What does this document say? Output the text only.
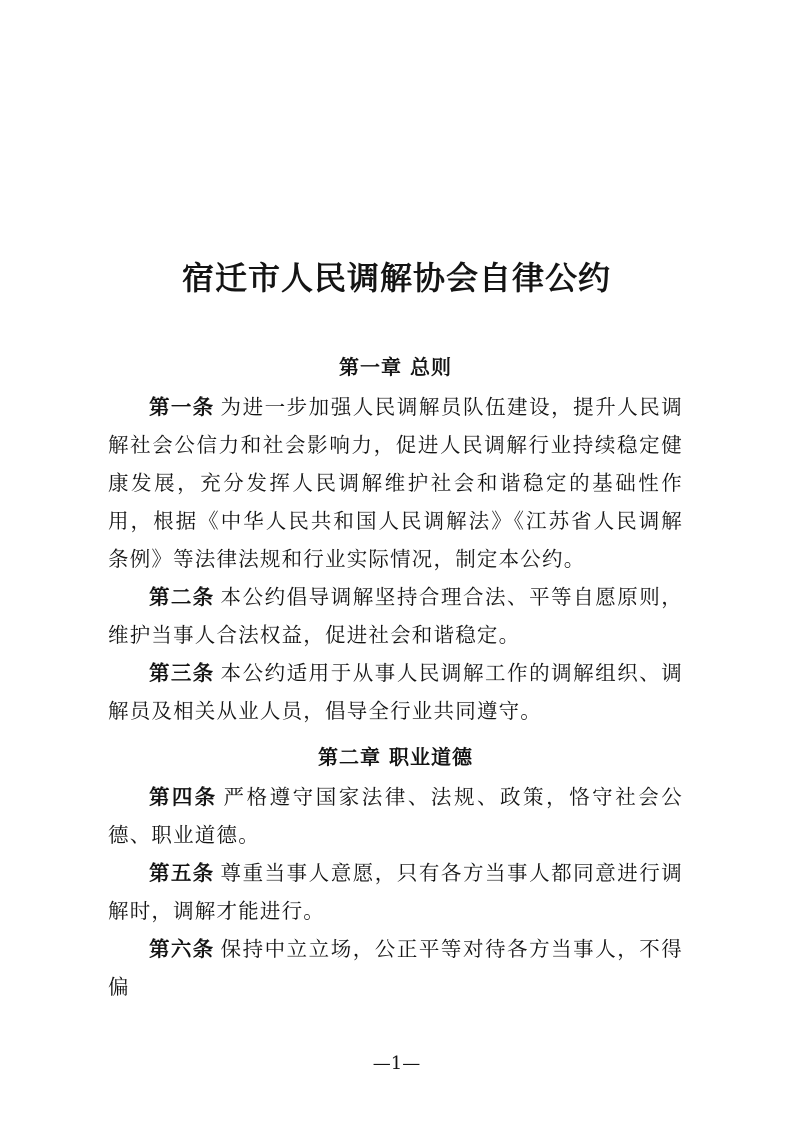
宿迁市人民调解协会自律公约
第一章 总则

第一条 为进一步加强人民调解员队伍建设，提升人民调解社会公信力和社会影响力，促进人民调解行业持续稳定健康发展，充分发挥人民调解维护社会和谐稳定的基础性作用，根据《中华人民共和国人民调解法》《江苏省人民调解条例》等法律法规和行业实际情况，制定本公约。

第二条 本公约倡导调解坚持合理合法、平等自愿原则，维护当事人合法权益，促进社会和谐稳定。

第三条 本公约适用于从事人民调解工作的调解组织、调解员及相关从业人员，倡导全行业共同遵守。

第二章 职业道德

第四条 严格遵守国家法律、法规、政策，恪守社会公德、职业道德。

第五条 尊重当事人意愿，只有各方当事人都同意进行调解时，调解才能进行。

第六条 保持中立立场，公正平等对待各方当事人，不得偏

—1—
